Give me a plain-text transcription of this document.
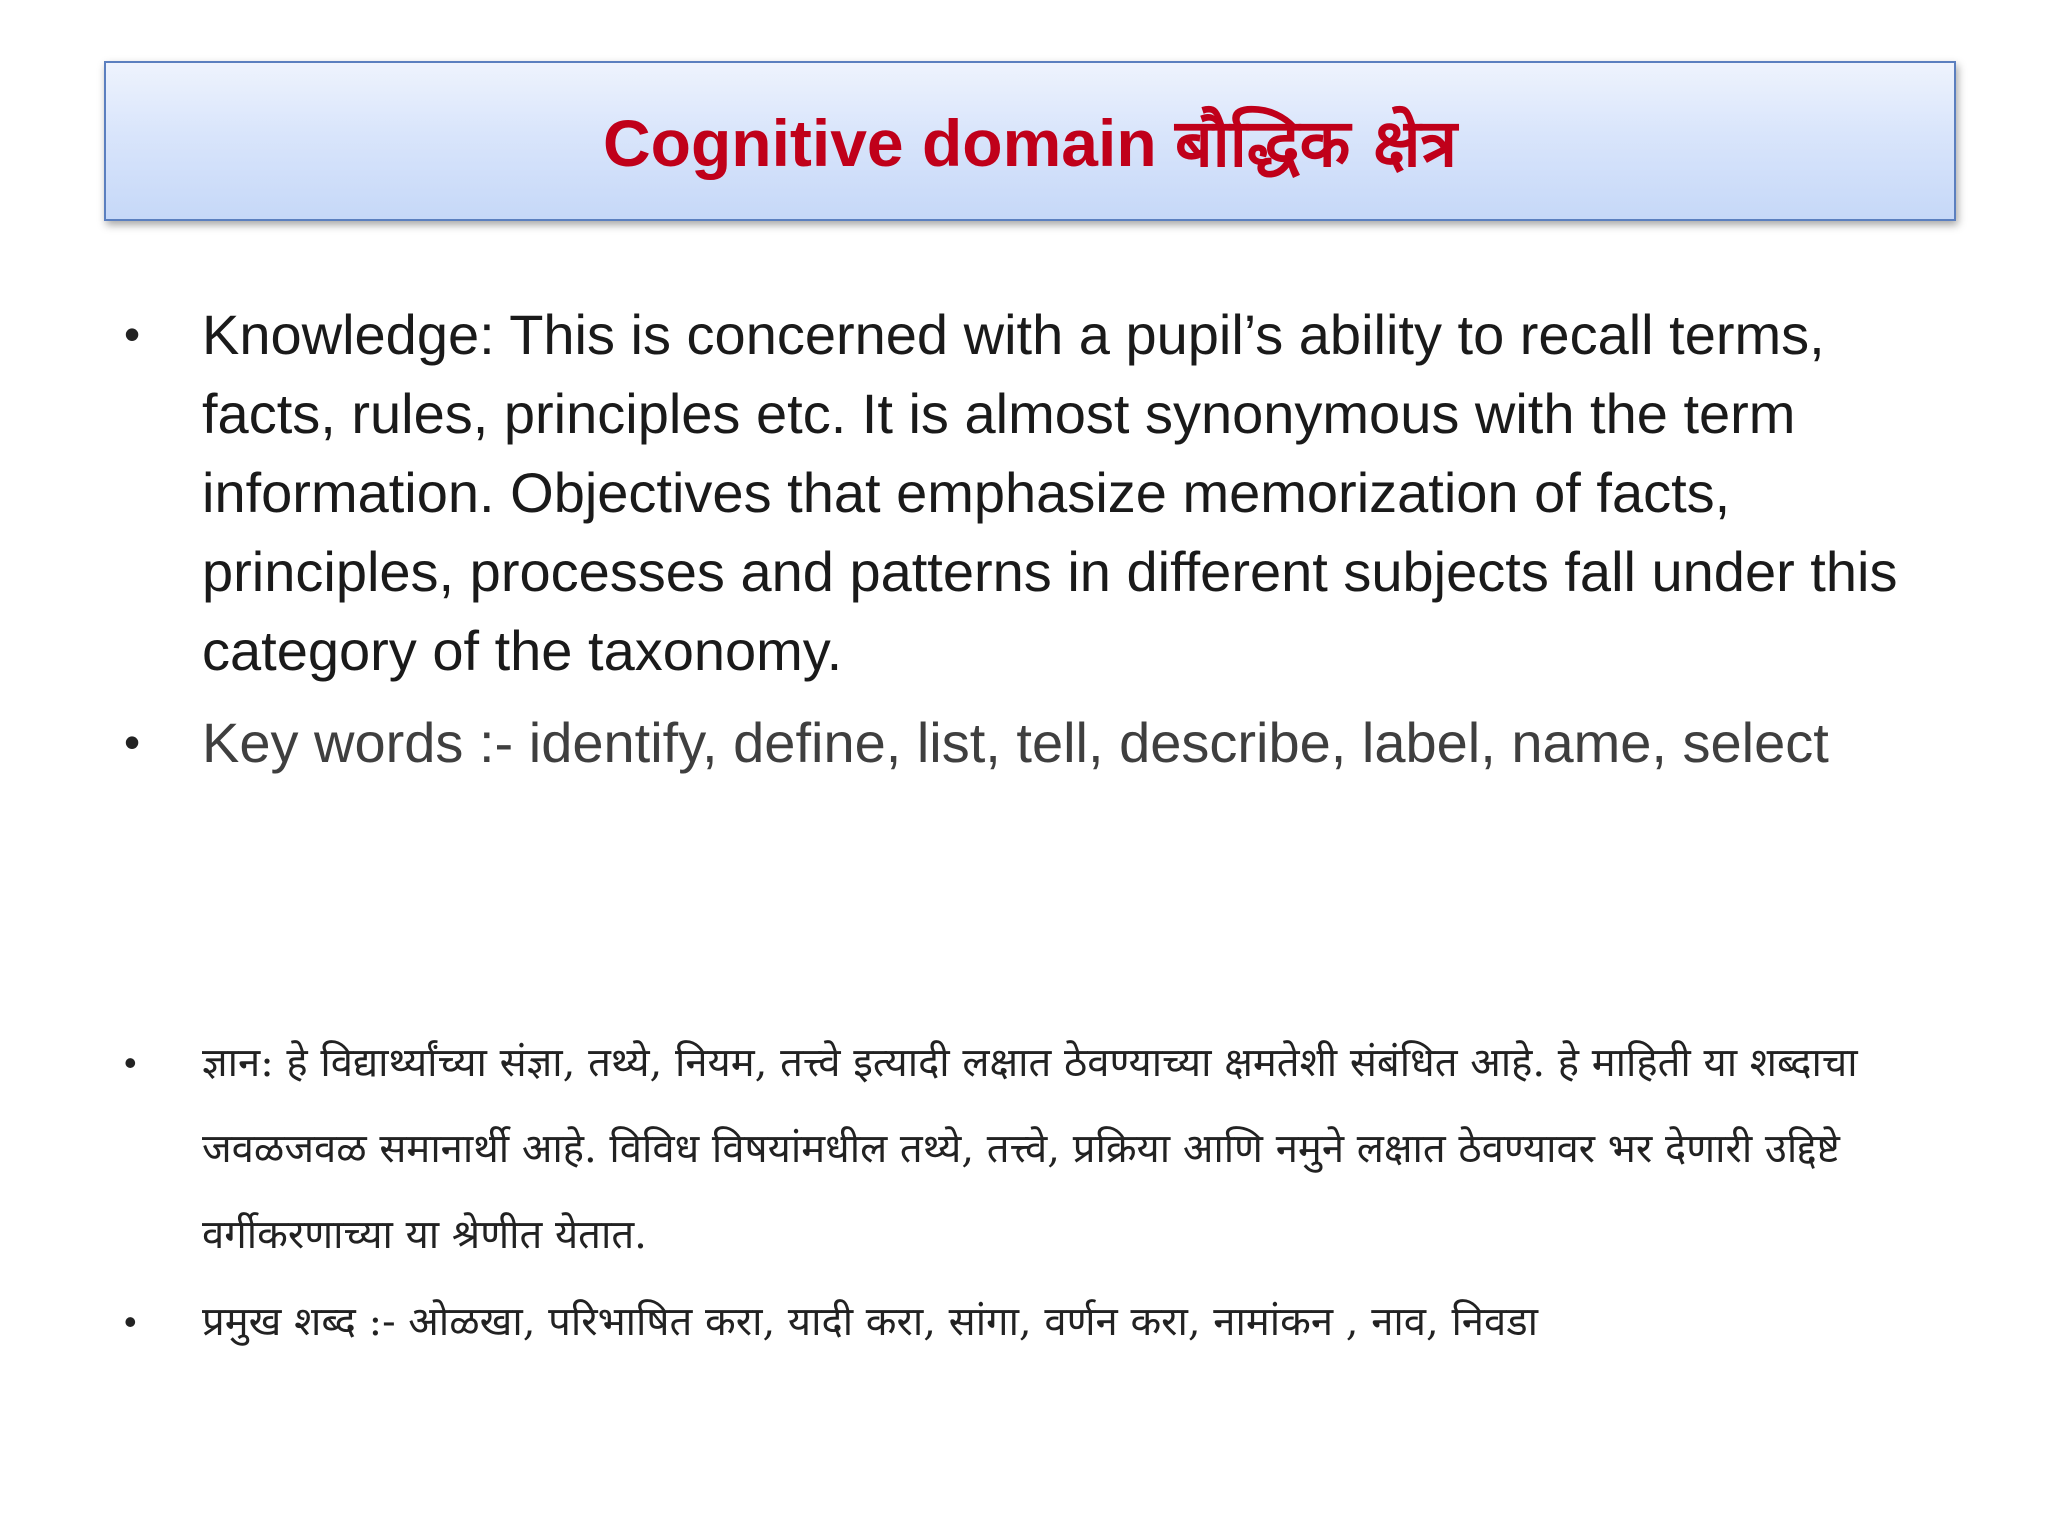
Cognitive domain बौद्धिक क्षेत्र
•	Knowledge: This is concerned with a pupil’s ability to recall terms, facts, rules, principles etc. It is almost synonymous with the term information. Objectives that emphasize memorization of facts, principles, processes and patterns in different subjects fall under this category of the taxonomy.
•	Key words :- identify, define, list, tell, describe, label, name, select
•	ज्ञान: हे विद्यार्थ्यांच्या संज्ञा, तथ्ये, नियम, तत्त्वे इत्यादी लक्षात ठेवण्याच्या क्षमतेशी संबंधित आहे. हे माहिती या शब्दाचा जवळजवळ समानार्थी आहे. विविध विषयांमधील तथ्ये, तत्त्वे, प्रक्रिया आणि नमुने लक्षात ठेवण्यावर भर देणारी उद्दिष्टे वर्गीकरणाच्या या श्रेणीत येतात.
•	प्रमुख शब्द :- ओळखा, परिभाषित करा, यादी करा, सांगा, वर्णन करा, नामांकन , नाव, निवडा
